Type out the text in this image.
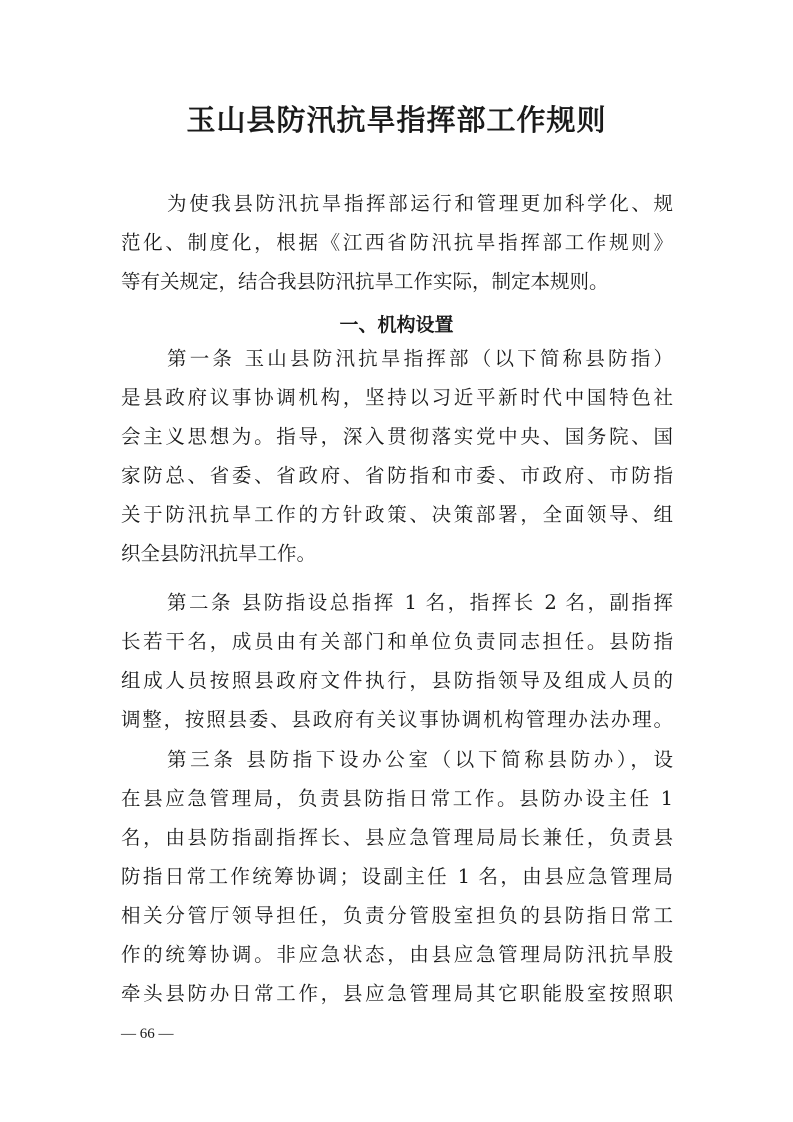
玉山县防汛抗旱指挥部工作规则
为使我县防汛抗旱指挥部运行和管理更加科学化、规
范化、制度化，根据《江西省防汛抗旱指挥部工作规则》
等有关规定，结合我县防汛抗旱工作实际，制定本规则。
一、机构设置
第一条 玉山县防汛抗旱指挥部（以下简称县防指）
是县政府议事协调机构，坚持以习近平新时代中国特色社
会主义思想为。指导，深入贯彻落实党中央、国务院、国
家防总、省委、省政府、省防指和市委、市政府、市防指
关于防汛抗旱工作的方针政策、决策部署，全面领导、组
织全县防汛抗旱工作。
第二条 县防指设总指挥 1 名，指挥长 2 名，副指挥
长若干名，成员由有关部门和单位负责同志担任。县防指
组成人员按照县政府文件执行，县防指领导及组成人员的
调整，按照县委、县政府有关议事协调机构管理办法办理。
第三条 县防指下设办公室（以下简称县防办），设
在县应急管理局，负责县防指日常工作。县防办设主任 1
名，由县防指副指挥长、县应急管理局局长兼任，负责县
防指日常工作统筹协调；设副主任 1 名，由县应急管理局
相关分管厅领导担任，负责分管股室担负的县防指日常工
作的统筹协调。非应急状态，由县应急管理局防汛抗旱股
牵头县防办日常工作，县应急管理局其它职能股室按照职
— 66 —
